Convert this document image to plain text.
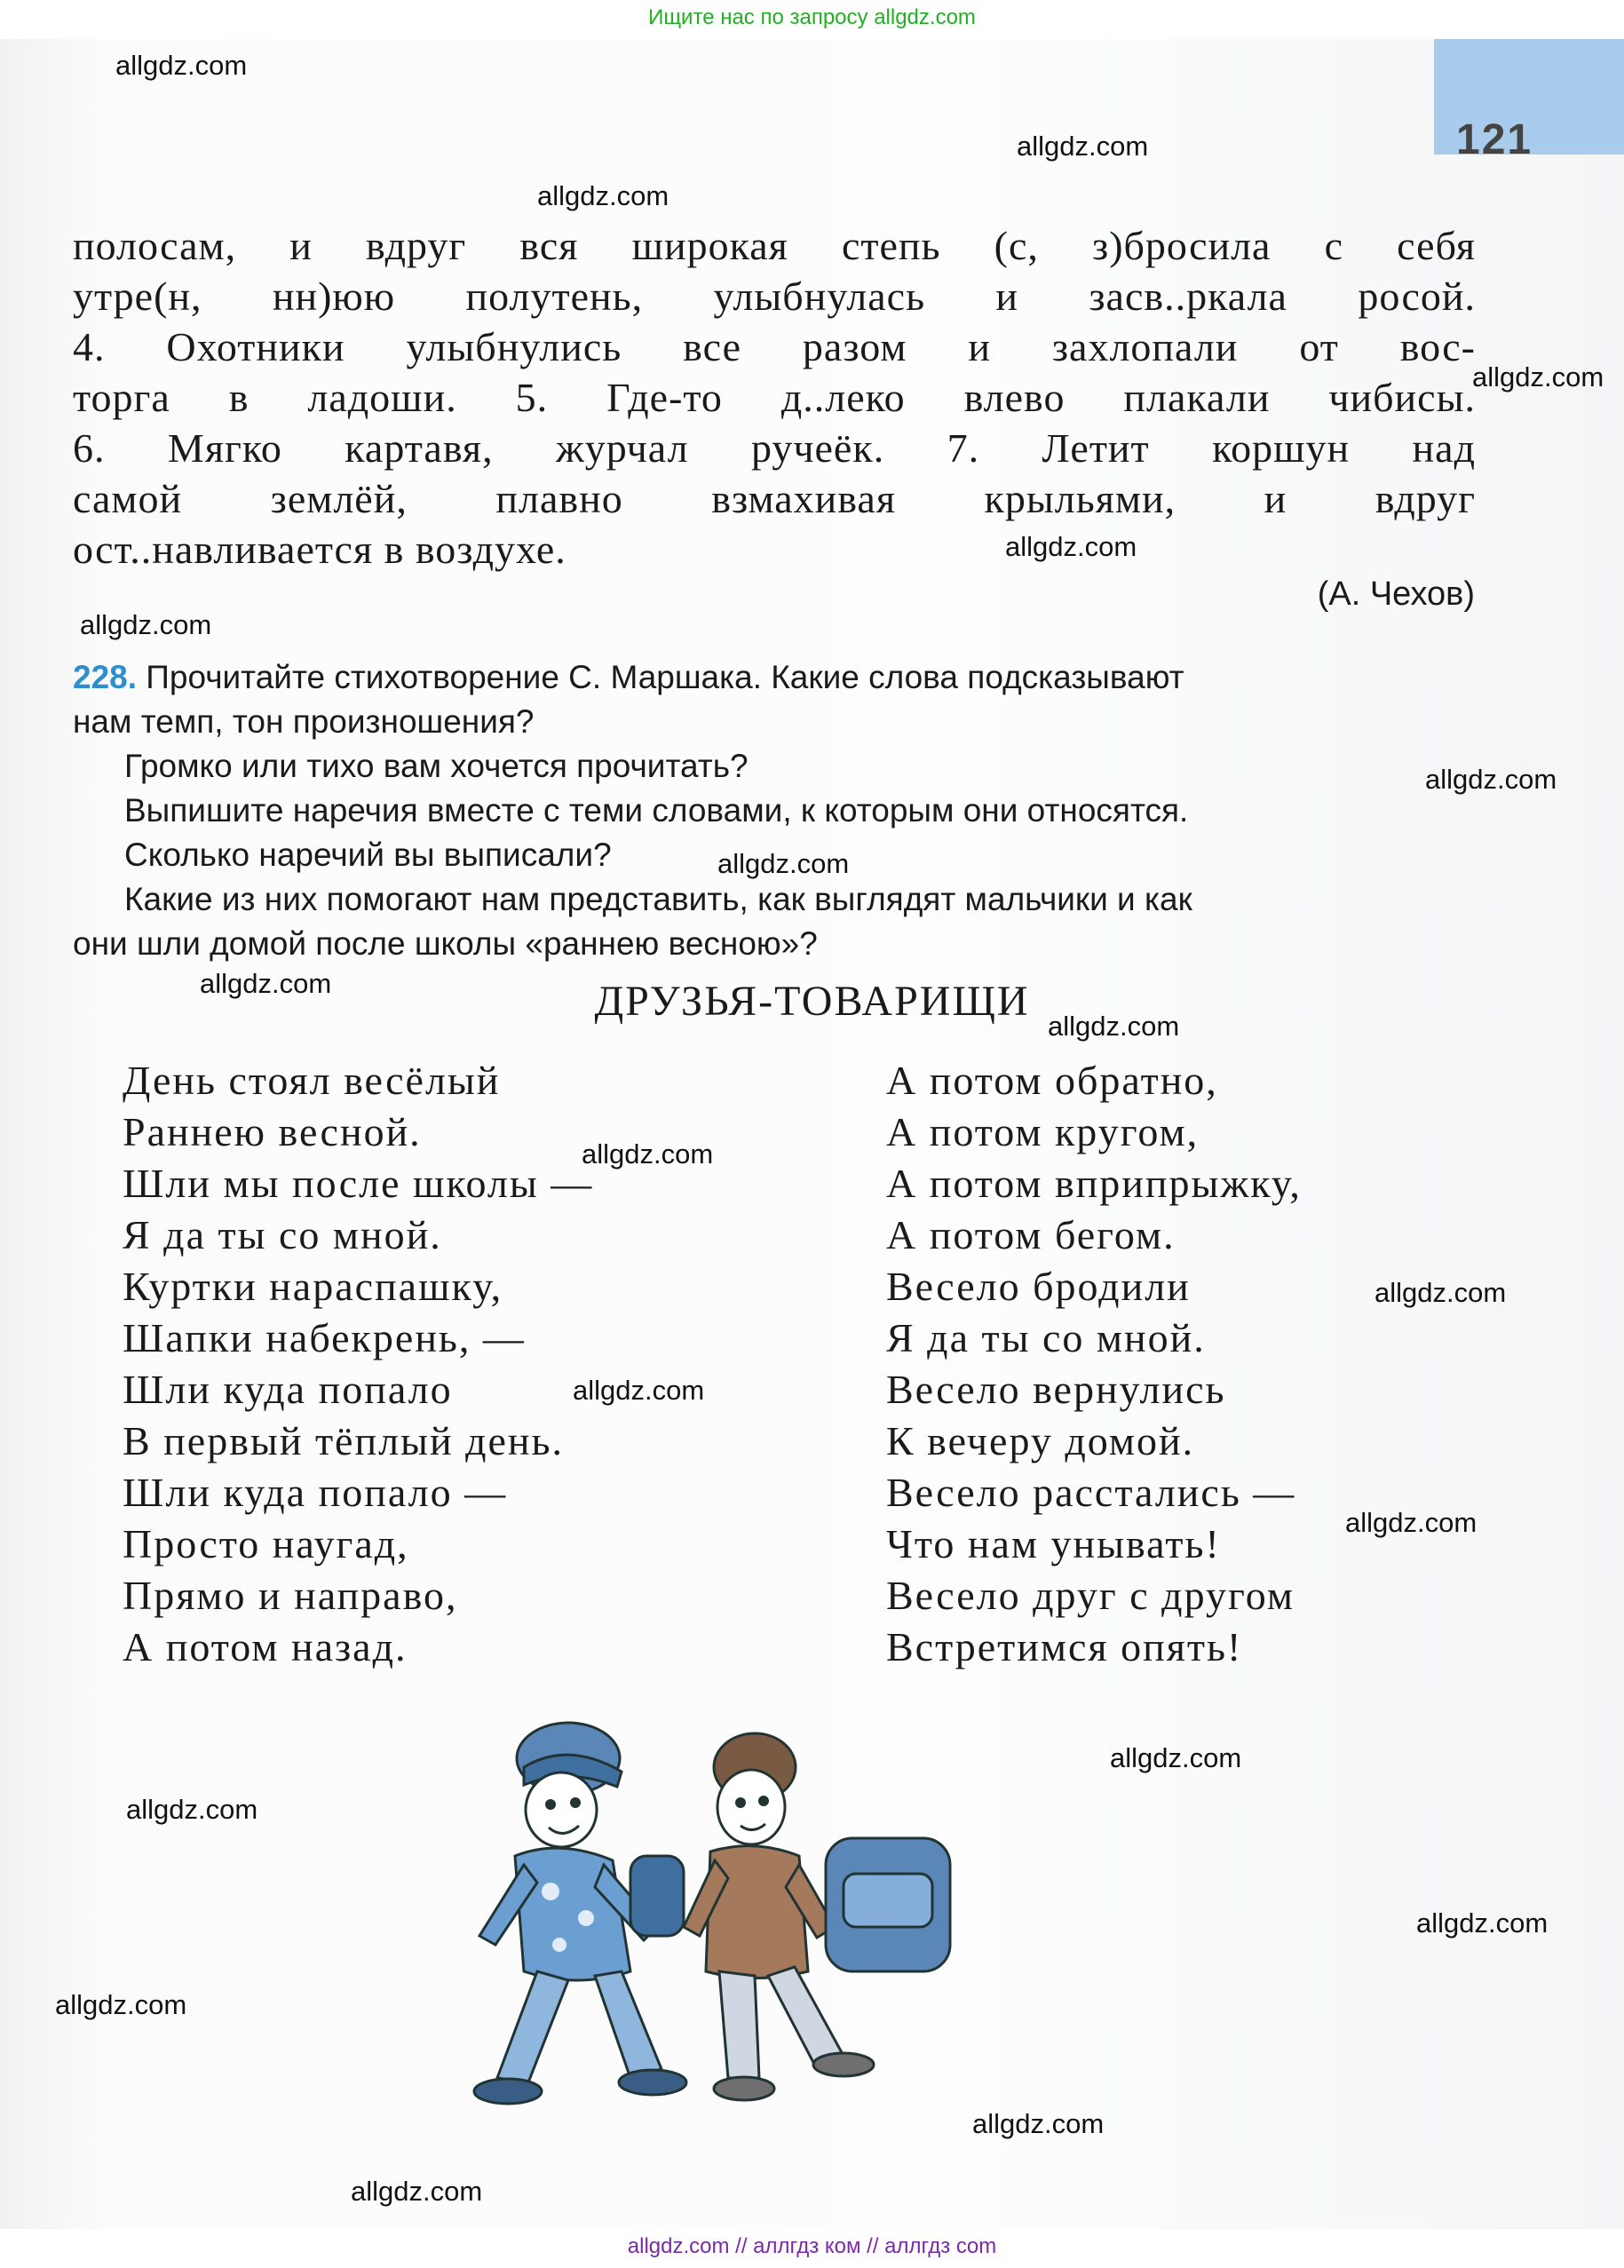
Ищите нас по запросу allgdz.com
121
allgdz.com
allgdz.com
allgdz.com
allgdz.com
allgdz.com
allgdz.com
allgdz.com
allgdz.com
allgdz.com
allgdz.com
allgdz.com
allgdz.com
allgdz.com
allgdz.com
allgdz.com
allgdz.com
allgdz.com
allgdz.com
allgdz.com
allgdz.com
полосам, и вдруг вся широкая степь (с, з)бросила с себя
утре(н, нн)юю полутень, улыбнулась и засв..ркала росой.
4. Охотники улыбнулись все разом и захлопали от вос-
торга в ладоши. 5. Где-то д..леко влево плакали чибисы.
6. Мягко картавя, журчал ручеёк. 7. Летит коршун над
самой землёй, плавно взмахивая крыльями, и вдруг
ост..навливается в воздухе.
(А. Чехов)
228. Прочитайте стихотворение С. Маршака. Какие слова подсказывают
нам темп, тон произношения?
Громко или тихо вам хочется прочитать?
Выпишите наречия вместе с теми словами, к которым они относятся.
Сколько наречий вы выписали?
Какие из них помогают нам представить, как выглядят мальчики и как
они шли домой после школы «раннею весною»?
ДРУЗЬЯ-ТОВАРИЩИ
День стоял весёлый
Раннею весной.
Шли мы после школы —
Я да ты со мной.
Куртки нараспашку,
Шапки набекрень, —
Шли куда попало
В первый тёплый день.
Шли куда попало —
Просто наугад,
Прямо и направо,
А потом назад.
А потом обратно,
А потом кругом,
А потом вприпрыжку,
А потом бегом.
Весело бродили
Я да ты со мной.
Весело вернулись
К вечеру домой.
Весело расстались —
Что нам унывать!
Весело друг с другом
Встретимся опять!
allgdz.com // аллгдз ком // аллгдз com
